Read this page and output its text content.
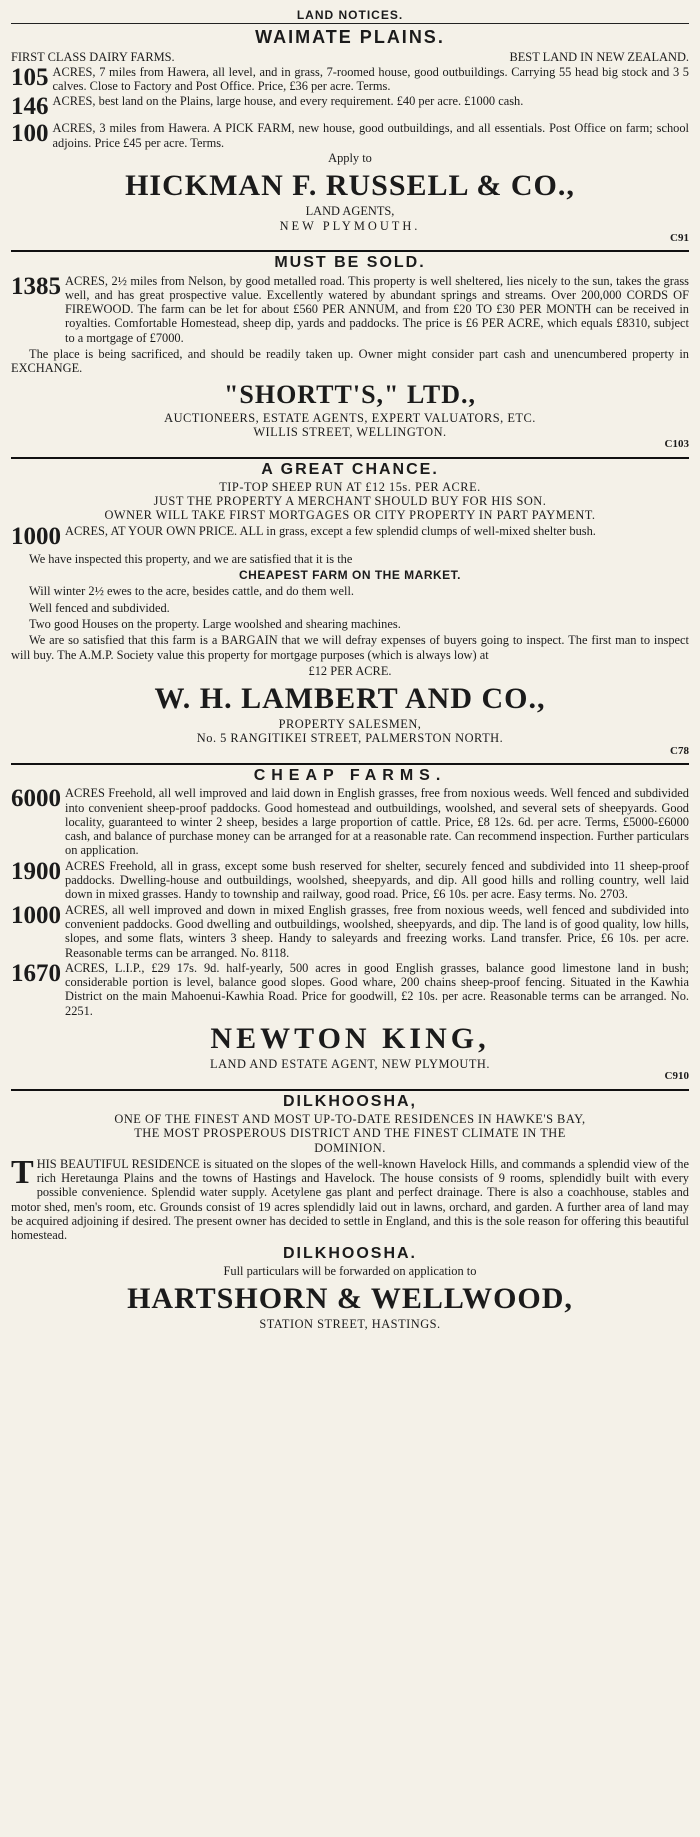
LAND NOTICES.
WAIMATE PLAINS.
FIRST CLASS DAIRY FARMS.	BEST LAND IN NEW ZEALAND.
105 ACRES, 7 miles from Hawera, all level, and in grass, 7-roomed house, good outbuildings. Carrying 55 head big stock and 3 5 calves. Close to Factory and Post Office. Price, £36 per acre. Terms.
146 ACRES, best land on the Plains, large house, and every requirement. £40 per acre. £1000 cash.
100 ACRES, 3 miles from Hawera. A PICK FARM, new house, good outbuildings, and all essentials. Post Office on farm; school adjoins. Price £45 per acre. Terms.
Apply to
HICKMAN F. RUSSELL & CO.,
LAND AGENTS,
NEW PLYMOUTH.
C91
MUST BE SOLD.
1385 ACRES, 2½ miles from Nelson, by good metalled road. This property is well sheltered, lies nicely to the sun, takes the grass well, and has great prospective value. Excellently watered by abundant springs and streams. Over 200,000 CORDS OF FIREWOOD. The farm can be let for about £560 PER ANNUM, and from £20 TO £30 PER MONTH can be received in royalties. Comfortable Homestead, sheep dip, yards and paddocks. The price is £6 PER ACRE, which equals £8310, subject to a mortgage of £7000.

The place is being sacrificed, and should be readily taken up. Owner might consider part cash and unencumbered property in EXCHANGE.

"SHORTT'S," LTD.,
AUCTIONEERS, ESTATE AGENTS, EXPERT VALUATORS, ETC.
WILLIS STREET, WELLINGTON.
C103
A GREAT CHANCE.
TIP-TOP SHEEP RUN AT £12 15s. PER ACRE.
JUST THE PROPERTY A MERCHANT SHOULD BUY FOR HIS SON.
OWNER WILL TAKE FIRST MORTGAGES OR CITY PROPERTY IN PART PAYMENT.
1000 ACRES, AT YOUR OWN PRICE. ALL in grass, except a few splendid clumps of well-mixed shelter bush.

We have inspected this property, and we are satisfied that it is the

CHEAPEST FARM ON THE MARKET.

Will winter 2½ ewes to the acre, besides cattle, and do them well.

Well fenced and subdivided.

Two good Houses on the property. Large woolshed and shearing machines.

We are so satisfied that this farm is a BARGAIN that we will defray expenses of buyers going to inspect. The first man to inspect will buy. The A.M.P. Society value this property for mortgage purposes (which is always low) at

£12 PER ACRE.
W. H. LAMBERT AND CO.,
PROPERTY SALESMEN,
No. 5 RANGITIKEI STREET, PALMERSTON NORTH.
C78
CHEAP FARMS.
6000 ACRES Freehold, all well improved and laid down in English grasses, free from noxious weeds. Well fenced and subdivided into convenient sheep-proof paddocks. Good homestead and outbuildings, woolshed, and several sets of sheepyards. Good locality, guaranteed to winter 2 sheep, besides a large proportion of cattle. Price, £8 12s. 6d. per acre. Terms, £5000-£6000 cash, and balance of purchase money can be arranged for at a reasonable rate. Can recommend inspection. Further particulars on application.
1900 ACRES Freehold, all in grass, except some bush reserved for shelter, securely fenced and subdivided into 11 sheep-proof paddocks. Dwelling-house and outbuildings, woolshed, sheepyards, and dip. All good hills and rolling country, well laid down in mixed grasses. Handy to township and railway, good road. Price, £6 10s. per acre. Easy terms. No. 2703.
1000 ACRES, all well improved and down in mixed English grasses, free from noxious weeds, well fenced and subdivided into convenient paddocks. Good dwelling and outbuildings, woolshed, sheepyards, and dip. The land is of good quality, low hills, slopes, and some flats, winters 3 sheep. Handy to saleyards and freezing works. Land transfer. Price, £6 10s. per acre. Reasonable terms can be arranged. No. 8118.
1670 ACRES, L.I.P., £29 17s. 9d. half-yearly, 500 acres in good English grasses, balance good limestone land in bush; considerable portion is level, balance good slopes. Good whare, 200 chains sheep-proof fencing. Situated in the Kawhia District on the main Mahoenui-Kawhia Road. Price for goodwill, £2 10s. per acre. Reasonable terms can be arranged. No. 2251.
NEWTON KING,
LAND AND ESTATE AGENT, NEW PLYMOUTH.
C910
DILKHOOSHA,
ONE OF THE FINEST AND MOST UP-TO-DATE RESIDENCES IN HAWKE'S BAY,
THE MOST PROSPEROUS DISTRICT AND THE FINEST CLIMATE IN THE
DOMINION.

THIS BEAUTIFUL RESIDENCE is situated on the slopes of the well-known Havelock Hills, and commands a splendid view of the rich Heretaunga Plains and the towns of Hastings and Havelock. The house consists of 9 rooms, splendidly built with every possible convenience. Splendid water supply. Acetylene gas plant and perfect drainage. There is also a coachhouse, stables and motor shed, men's room, etc. Grounds consist of 19 acres splendidly laid out in lawns, orchard, and garden. A further area of land may be acquired adjoining if desired. The present owner has decided to settle in England, and this is the sole reason for offering this beautiful homestead.

DILKHOOSHA.
Full particulars will be forwarded on application to
HARTSHORN & WELLWOOD,
STATION STREET, HASTINGS.
